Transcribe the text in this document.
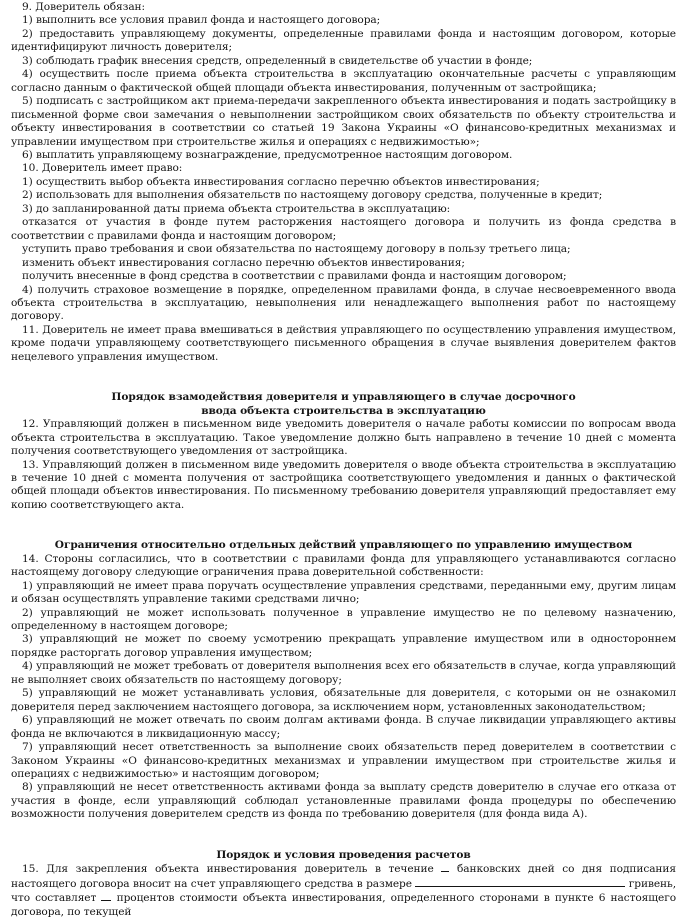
9. Доверитель обязан:

1) выполнить все условия правил фонда и настоящего договора;

2) предоставить управляющему документы, определенные правилами фонда и настоящим договором, которые идентифицируют личность доверителя;

3) соблюдать график внесения средств, определенный в свидетельстве об участии в фонде;

4) осуществить после приема объекта строительства в эксплуатацию окончательные расчеты с управляющим согласно данным о фактической общей площади объекта инвестирования, полученным от застройщика;

5) подписать с застройщиком акт приема-передачи закрепленного объекта инвестирования и подать застройщику в письменной форме свои замечания о невыполнении застройщиком своих обязательств по объекту строительства и объекту инвестирования в соответствии со статьей 19 Закона Украины «О финансово-кредитных механизмах и управлении имуществом при строительстве жилья и операциях с недвижимостью»;

6) выплатить управляющему вознаграждение, предусмотренное настоящим договором.

10. Доверитель имеет право:

1) осуществить выбор объекта инвестирования согласно перечню объектов инвестирования;

2) использовать для выполнения обязательств по настоящему договору средства, полученные в кредит;

3) до запланированной даты приема объекта строительства в эксплуатацию:

отказатся от участия в фонде путем расторжения настоящего договора и получить из фонда средства в соответствии с правилами фонда и настоящим договором;

уступить право требования и свои обязательства по настоящему договору в пользу третьего лица;

изменить объект инвестирования согласно перечню объектов инвестирования;

получить внесенные в фонд средства в соответствии с правилами фонда и настоящим договором;

4) получить страховое возмещение в порядке, определенном правилами фонда, в случае несвоевременного ввода объекта строительства в эксплуатацию, невыполнения или ненадлежащего выполнения работ по настоящему договору.

11. Доверитель не имеет права вмешиваться в действия управляющего по осуществлению управления имуществом, кроме подачи управляющему соответствующего письменного обращения в случае выявления доверителем фактов нецелевого управления имуществом.

Порядок взамодействия доверителя и управляющего в случае досрочного

ввода объекта строительства в эксплуатацию

12. Управляющий должен в письменном виде уведомить доверителя о начале работы комиссии по вопросам ввода объекта строительства в эксплуатацию. Такое уведомление должно быть направлено в течение 10 дней с момента получения соответствующего уведомления от застройщика.

13. Управляющий должен в письменном виде уведомить доверителя о вводе объекта строительства в эксплуатацию в течение 10 дней с момента получения от застройщика соответствующего уведомления и данных о фактической общей площади объектов инвестирования. По письменному требованию доверителя управляющий предоставляет ему копию соответствующего акта.

Ограничения относительно отдельных действий управляющего по управлению имуществом

14. Стороны согласились, что в соответствии с правилами фонда для управляющего устанавливаются согласно настоящему договору следующие ограничения права доверительной собственности:

1) управляющий не имеет права поручать осуществление управления средствами, переданными ему, другим лицам и обязан осуществлять управление такими средствами лично;

2) управляющий не может использовать полученное в управление имущество не по целевому назначению, определенному в настоящем договоре;

3) управляющий не может по своему усмотрению прекращать управление имуществом или в одностороннем порядке расторгать договор управления имуществом;

4) управляющий не может требовать от доверителя выполнения всех его обязательств в случае, когда управляющий не выполняет своих обязательств по настоящему договору;

5) управляющий не может устанавливать условия, обязательные для доверителя, с которыми он не ознакомил доверителя перед заключением настоящего договора, за исключением норм, установленных законодательством;

6) управляющий не может отвечать по своим долгам активами фонда. В случае ликвидации управляющего активы фонда не включаются в ликвидационную массу;

7) управляющий несет ответственность за выполнение своих обязательств перед доверителем в соответствии с Законом Украины «О финансово-кредитных механизмах и управлении имуществом при строительстве жилья и операциях с недвижимостью» и настоящим договором;

8) управляющий не несет ответственность активами фонда за выплату средств доверителю в случае его отказа от участия в фонде, если управляющий соблюдал установленные правилами фонда процедуры по обеспечению возможности получения доверителем средств из фонда по требованию доверителя (для фонда вида А).

Порядок и условия проведения расчетов

15. Для закрепления объекта инвестирования доверитель в течение банковских дней со дня подписания настоящего договора вносит на счет управляющего средства в размере	гривень, что составляет процентов стоимости объекта инвестирования, определенного сторонами в пункте 6 настоящего договора, по текущей
